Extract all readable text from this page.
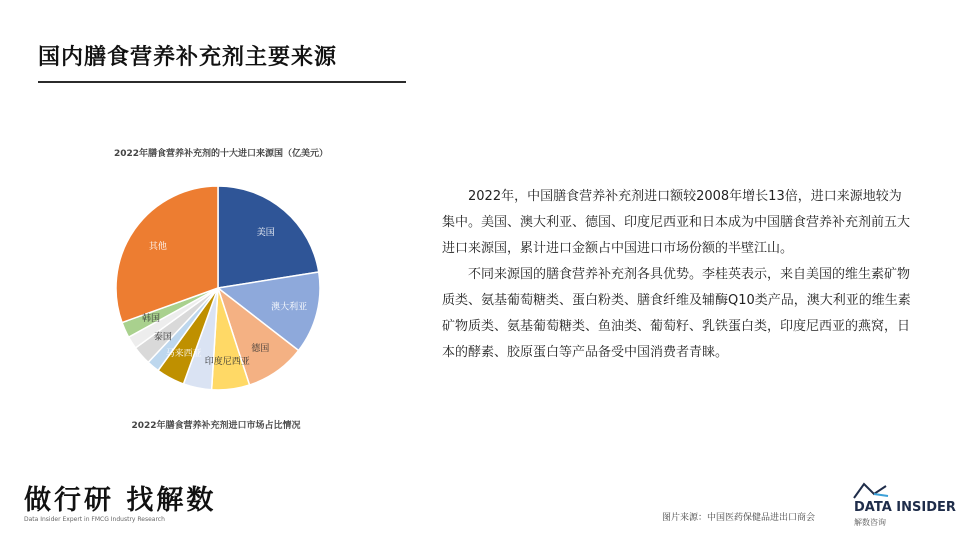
国内膳食营养补充剂主要来源
2022年膳食营养补充剂的十大进口来源国（亿美元）
美国
澳大利亚
德国
印度尼西亚
马来西亚
泰国
韩国
其他
2022年膳食营养补充剂进口市场占比情况

2022年，中国膳食营养补充剂进口额较2008年增长13倍，进口来源地较为集中。美国、澳大利亚、德国、印度尼西亚和日本成为中国膳食营养补充剂前五大进口来源国，累计进口金额占中国进口市场份额的半壁江山。

不同来源国的膳食营养补充剂各具优势。李桂英表示，来自美国的维生素矿物质类、氨基葡萄糖类、蛋白粉类、膳食纤维及辅酶Q10类产品，澳大利亚的维生素矿物质类、氨基葡萄糖类、鱼油类、葡萄籽、乳铁蛋白类，印度尼西亚的燕窝，日本的酵素、胶原蛋白等产品备受中国消费者青睐。

做行研 找解数
Data Insider Expert in FMCG Industry Research	图片来源：中国医药保健品进出口商会
DATA INSIDER
解数咨询
